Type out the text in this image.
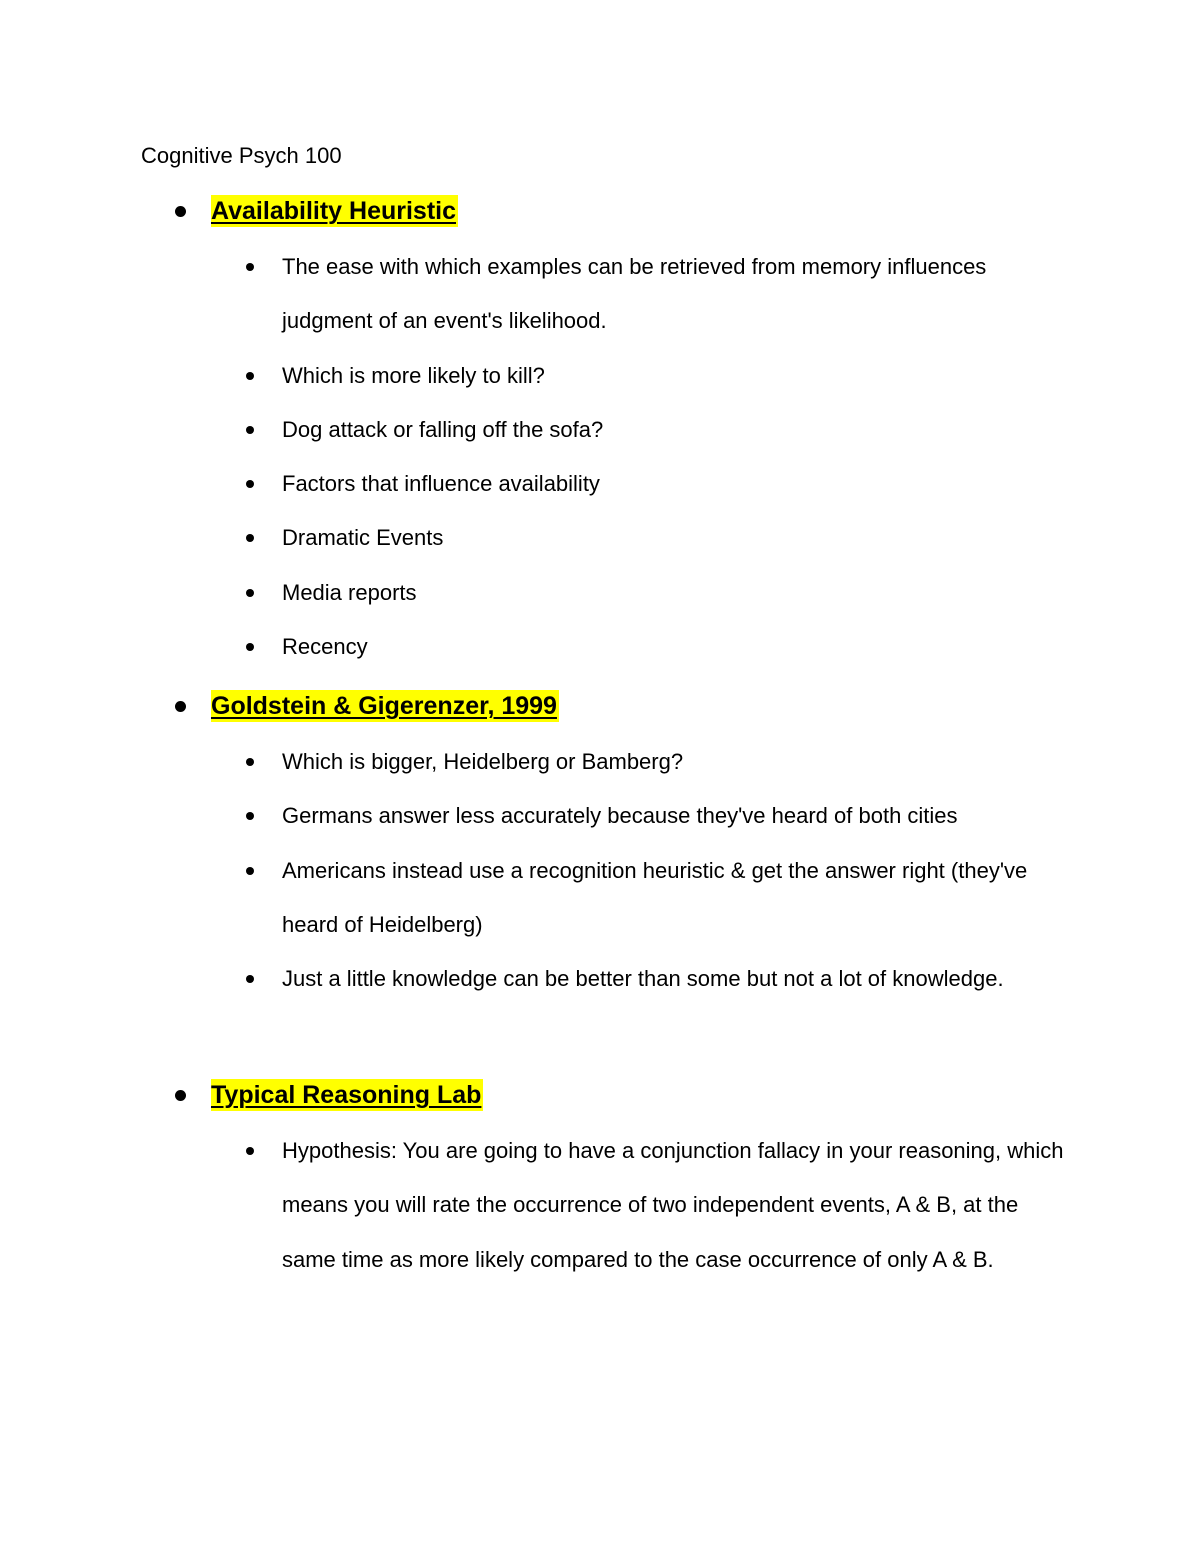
Cognitive Psych 100
Availability Heuristic
The ease with which examples can be retrieved from memory influences judgment of an event's likelihood.
Which is more likely to kill?
Dog attack or falling off the sofa?
Factors that influence availability
Dramatic Events
Media reports
Recency
Goldstein & Gigerenzer, 1999
Which is bigger, Heidelberg or Bamberg?
Germans answer less accurately because they've heard of both cities
Americans instead use a recognition heuristic & get the answer right (they've heard of Heidelberg)
Just a little knowledge can be better than some but not a lot of knowledge.
Typical Reasoning Lab
Hypothesis: You are going to have a conjunction fallacy in your reasoning, which means you will rate the occurrence of two independent events, A & B, at the same time as more likely compared to the case occurrence of only A & B.
